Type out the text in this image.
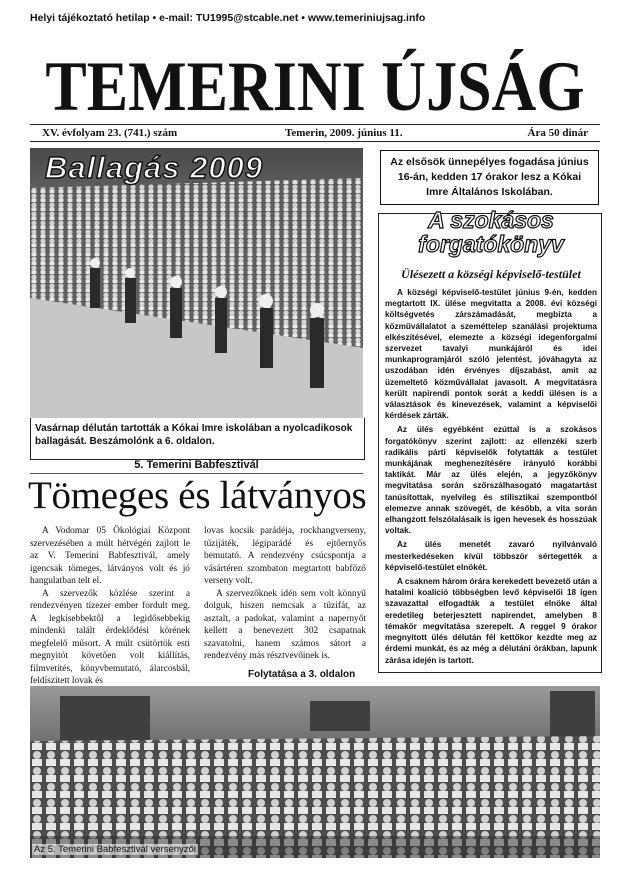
Helyi tájékoztató hetilap • e-mail: TU1995@stcable.net • www.temeriniujsag.info
TEMERINI ÚJSÁG
XV. évfolyam 23. (741.) szám	Temerin, 2009. június 11.	Ára 50 dinár
Ballagás 2009
Vasárnap délután tartották a Kókai Imre iskolában a nyolcadikosok ballagását. Beszámolónk a 6. oldalon.
5. Temerini Babfesztivál
Tömeges és látványos

A Vodomar 05 Ökológiai Központ szervezésében a múlt hétvégén zajlott le az V. Temerini Babfesztivál, amely igencsak tömeges, látványos volt és jó hangulatban telt el.

A szervezők közlése szerint a rendezvényen tízezer ember fordult meg. A legkisebbektől a legidősebbekig mindenki talált érdeklődési körének megfelelő műsort. A múlt csütörtök esti megnyitót követően volt kiállítás, filmvetítés, könyvbemutató, álarcosbál, feldíszített lovak és

lovas kocsik parádéja, rockhangverseny, tűzijáték, légiparádé és ejtőernyős bemutató. A rendezvény csúcspontja a vásártéren szombaton megtartott babfőző verseny volt.

A szervezőknek idén sem volt könnyű dolguk, hiszen nemcsak a tűzifát, az asztalt, a padokat, valamint a napernyőt kellett a benevezett 302 csapatnak szavatolni, hanem számos sátort a rendezvény más résztvevőinek is.

Folytatása a 3. oldalon
Az elsősök ünnepélyes fogadása június 16-án, kedden 17 órakor lesz a Kókai Imre Általános Iskolában.
A szokásos
forgatókönyv
Ülésezett a községi képviselő-testület

A községi képviselő-testület június 9-én, kedden megtartott IX. ülése megvitatta a 2008. évi községi költségvetés zárszámadását, megbízta a közművállalatot a szeméttelep szanálási projektuma elkészítésével, elemezte a községi idegenforgalmi szervezet tavalyi munkájáról és idei munkaprogramjáról szóló jelentést, jóváhagyta az uszodában idén érvényes díjszabást, amit az üzemeltető közművállalat javasolt. A megvitatásra került napirendi pontok sorát a keddi ülésen is a választások és kinevezések, valamint a képviselői kérdések zárták.

Az ülés egyébként ezúttal is a szokásos forgatókönyv szerint zajlott: az ellenzéki szerb radikális párti képviselők folytatták a testület munkájának meghenezítésére irányuló korábbi taktikát. Már az ülés elején, a jegyzőkönyv megvitatása során szőrszálhasogató magatartást tanúsítottak, nyelvileg és stilisztikai szempontból elemezve annak szövegét, de később, a vita során elhangzott felszólalásaik is igen hevesek és hosszúak voltak.

Az ülés menetét zavaró nyilvánvaló mesterkedéseken kívül többször sértegették a képviselő-testület elnökét.

A csaknem három órára kerekedett bevezető után a hatalmi koalíció többségben levő képviselői 18 igen szavazattal elfogadták a testület elnöke által eredetileg beterjesztett napirendet, amelyben 8 témakör megvitatása szerepelt. A reggel 9 órakor megnyitott ülés délután fél kettőkor kezdte meg az érdemi munkát, és az még a délutáni órákban, lapunk zárása idején is tartott.

Az 5. Temerini Babfesztivál versenyzői
